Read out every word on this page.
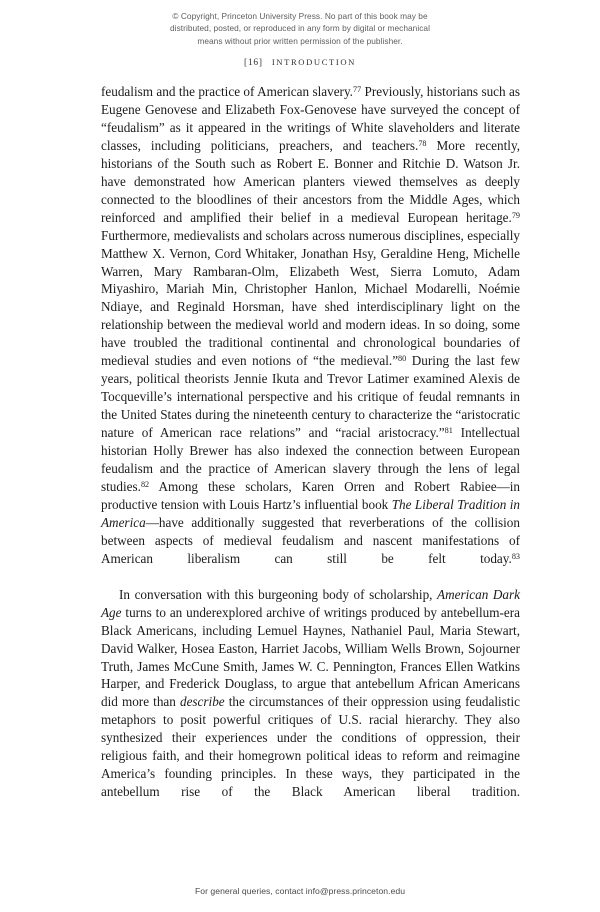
© Copyright, Princeton University Press. No part of this book may be
distributed, posted, or reproduced in any form by digital or mechanical
means without prior written permission of the publisher.
[16] INTRODUCTION

feudalism and the practice of American slavery.$^{77}$ Previously, historians such as Eugene Genovese and Elizabeth Fox-Genovese have surveyed the concept of “feudalism” as it appeared in the writings of White slaveholders and literate classes, including politicians, preachers, and teachers.$^{78}$ More recently, historians of the South such as Robert E. Bonner and Ritchie D. Watson Jr. have demonstrated how American planters viewed themselves as deeply connected to the bloodlines of their ancestors from the Middle Ages, which reinforced and amplified their belief in a medieval European heritage.$^{79}$ Furthermore, medievalists and scholars across numerous disciplines, especially Matthew X. Vernon, Cord Whitaker, Jonathan Hsy, Geraldine Heng, Michelle Warren, Mary Rambaran-Olm, Elizabeth West, Sierra Lomuto, Adam Miyashiro, Mariah Min, Christopher Hanlon, Michael Modarelli, Noémie Ndiaye, and Reginald Horsman, have shed interdisciplinary light on the relationship between the medieval world and modern ideas. In so doing, some have troubled the traditional continental and chronological boundaries of medieval studies and even notions of “the medieval.”$^{80}$ During the last few years, political theorists Jennie Ikuta and Trevor Latimer examined Alexis de Tocqueville’s international perspective and his critique of feudal remnants in the United States during the nineteenth century to characterize the “aristocratic nature of American race relations” and “racial aristocracy.”$^{81}$ Intellectual historian Holly Brewer has also indexed the connection between European feudalism and the practice of American slavery through the lens of legal studies.$^{82}$ Among these scholars, Karen Orren and Robert Rabiee—in productive tension with Louis Hartz’s influential book The Liberal Tradition in America—have additionally suggested that reverberations of the collision between aspects of medieval feudalism and nascent manifestations of American liberalism can still be felt today.$^{83}$

In conversation with this burgeoning body of scholarship, American Dark Age turns to an underexplored archive of writings produced by antebellum-era Black Americans, including Lemuel Haynes, Nathaniel Paul, Maria Stewart, David Walker, Hosea Easton, Harriet Jacobs, William Wells Brown, Sojourner Truth, James McCune Smith, James W. C. Pennington, Frances Ellen Watkins Harper, and Frederick Douglass, to argue that antebellum African Americans did more than describe the circumstances of their oppression using feudalistic metaphors to posit powerful critiques of U.S. racial hierarchy. They also synthesized their experiences under the conditions of oppression, their religious faith, and their homegrown political ideas to reform and reimagine America’s founding principles. In these ways, they participated in the antebellum rise of the Black American liberal tradition.

For general queries, contact info@press.princeton.edu
